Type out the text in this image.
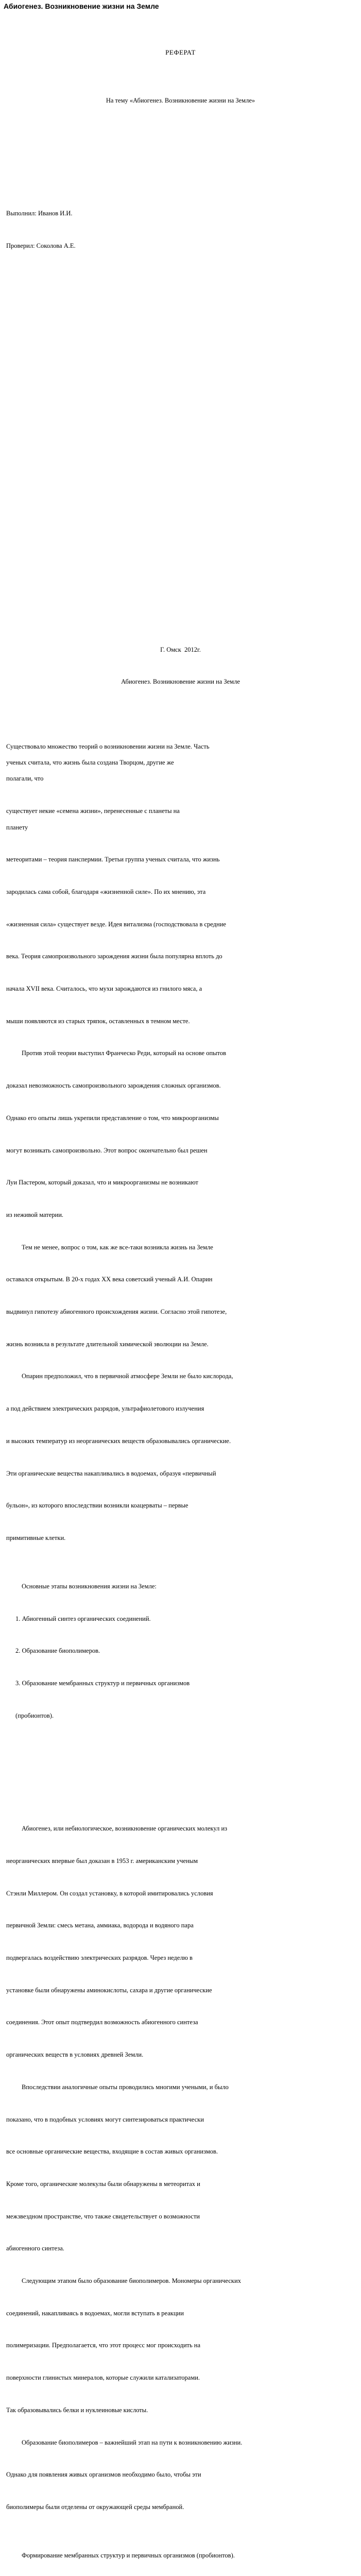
Абиогенез. Возникновение жизни на Земле
РЕФЕРАТ
На тему «Абиогенез. Возникновение жизни на Земле»
Выполнил: Иванов И.И.
Проверил: Соколова А.Е.
Г. Омск  2012г.
Абиогенез. Возникновение жизни на Земле
Существовало множество теорий о возникновении жизни на Земле. Часть
ученых считала, что жизнь была создана Творцом, другие же
полагали, что
существует некие «семена жизни», перенесенные с планеты на
планету
метеоритами – теория панспермии. Третьи группа ученых считала, что жизнь
зародилась сама собой, благодаря «жизненной силе». По их мнению, эта
«жизненная сила» существует везде. Идея витализма (господствовала в средние
века. Теория самопроизвольного зарождения жизни была популярна вплоть до
начала XVII века. Считалось, что мухи зарождаются из гнилого мяса, а
мыши появляются из старых тряпок, оставленных в темном месте.
Против этой теории выступил Франческо Реди, который на основе опытов
доказал невозможность самопроизвольного зарождения сложных организмов.
Однако его опыты лишь укрепили представление о том, что микроорганизмы
могут возникать самопроизвольно. Этот вопрос окончательно был решен
Луи Пастером, который доказал, что и микроорганизмы не возникают
из неживой материи.
Тем не менее, вопрос о том, как же все-таки возникла жизнь на Земле
оставался открытым. В 20-х годах XX века советский ученый А.И. Опарин
выдвинул гипотезу абиогенного происхождения жизни. Согласно этой гипотезе,
жизнь возникла в результате длительной химической эволюции на Земле.
Опарин предположил, что в первичной атмосфере Земли не было кислорода,
а под действием электрических разрядов, ультрафиолетового излучения
и высоких температур из неорганических веществ образовывались органические.
Эти органические вещества накапливались в водоемах, образуя «первичный
бульон», из которого впоследствии возникли коацерваты – первые
примитивные клетки.
Основные этапы возникновения жизни на Земле:
1. Абиогенный синтез органических соединений.
2. Образование биополимеров.
3. Образование мембранных структур и первичных организмов
(пробионтов).
Абиогенез, или небиологическое, возникновение органических молекул из
неорганических впервые был доказан в 1953 г. американским ученым
Стэнли Миллером. Он создал установку, в которой имитировались условия
первичной Земли: смесь метана, аммиака, водорода и водяного пара
подвергалась воздействию электрических разрядов. Через неделю в
установке были обнаружены аминокислоты, сахара и другие органические
соединения. Этот опыт подтвердил возможность абиогенного синтеза
органических веществ в условиях древней Земли.
Впоследствии аналогичные опыты проводились многими учеными, и было
показано, что в подобных условиях могут синтезироваться практически
все основные органические вещества, входящие в состав живых организмов.
Кроме того, органические молекулы были обнаружены в метеоритах и
межзвездном пространстве, что также свидетельствует о возможности
абиогенного синтеза.
Следующим этапом было образование биополимеров. Мономеры органических
соединений, накапливаясь в водоемах, могли вступать в реакции
полимеризации. Предполагается, что этот процесс мог происходить на
поверхности глинистых минералов, которые служили катализаторами.
Так образовывались белки и нуклеиновые кислоты.
Образование биополимеров – важнейший этап на пути к возникновению жизни.
Однако для появления живых организмов необходимо было, чтобы эти
биополимеры были отделены от окружающей среды мембраной.
Формирование мембранных структур и первичных организмов (пробионтов).
